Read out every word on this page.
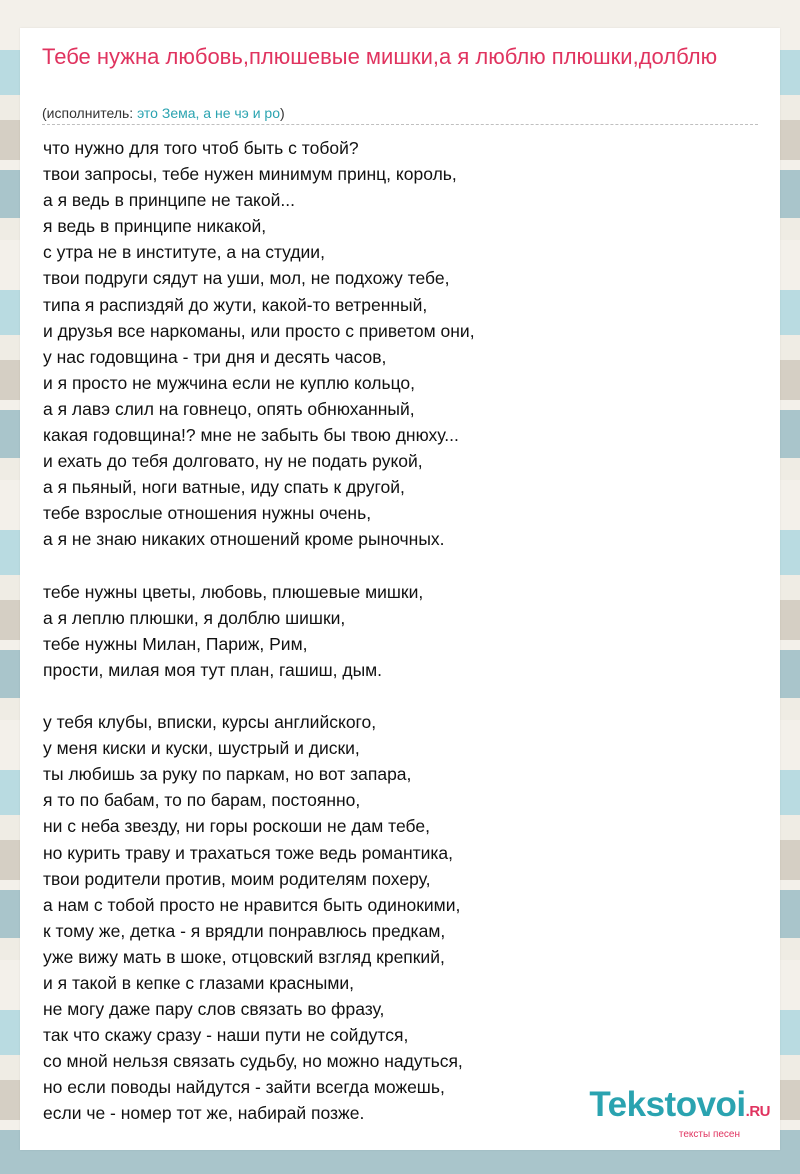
Тебе нужна любовь,плюшевые мишки,а я люблю плюшки,долблю
(исполнитель: это Зема, а не чэ и ро)
что нужно для того чтоб быть с тобой?
твои запросы, тебе нужен минимум принц, король,
а я ведь в принципе не такой...
я ведь в принципе никакой,
с утра не в институте, а на студии,
твои подруги сядут на уши, мол, не подхожу тебе,
типа я распиздяй до жути, какой-то ветренный,
и друзья все наркоманы, или просто с приветом они,
у нас годовщина - три дня и десять часов,
и я просто не мужчина если не куплю кольцо,
а я лавэ слил на говнецо, опять обнюханный,
какая годовщина!? мне не забыть бы твою днюху...
и ехать до тебя долговато, ну не подать рукой,
а я пьяный, ноги ватные, иду спать к другой,
тебе взрослые отношения нужны очень,
а я не знаю никаких отношений кроме рыночных.
тебе нужны цветы, любовь, плюшевые мишки,
а я леплю плюшки, я долблю шишки,
тебе нужны Милан, Париж, Рим,
прости, милая моя тут план, гашиш, дым.
у тебя клубы, вписки, курсы английского,
у меня киски и куски, шустрый и диски,
ты любишь за руку по паркам, но вот запара,
я то по бабам, то по барам, постоянно,
ни с неба звезду, ни горы роскоши не дам тебе,
но курить траву и трахаться тоже ведь романтика,
твои родители против, моим родителям похеру,
а нам с тобой просто не нравится быть одинокими,
к тому же, детка - я врядли понравлюсь предкам,
уже вижу мать в шоке, отцовский взгляд крепкий,
и я такой в кепке с глазами красными,
не могу даже пару слов связать во фразу,
так что скажу сразу - наши пути не сойдутся,
со мной нельзя связать судьбу, но можно надуться,
но если поводы найдутся - зайти всегда можешь,
если че - номер тот же, набирай позже.	Tekstovoi.RU
тексты песен
